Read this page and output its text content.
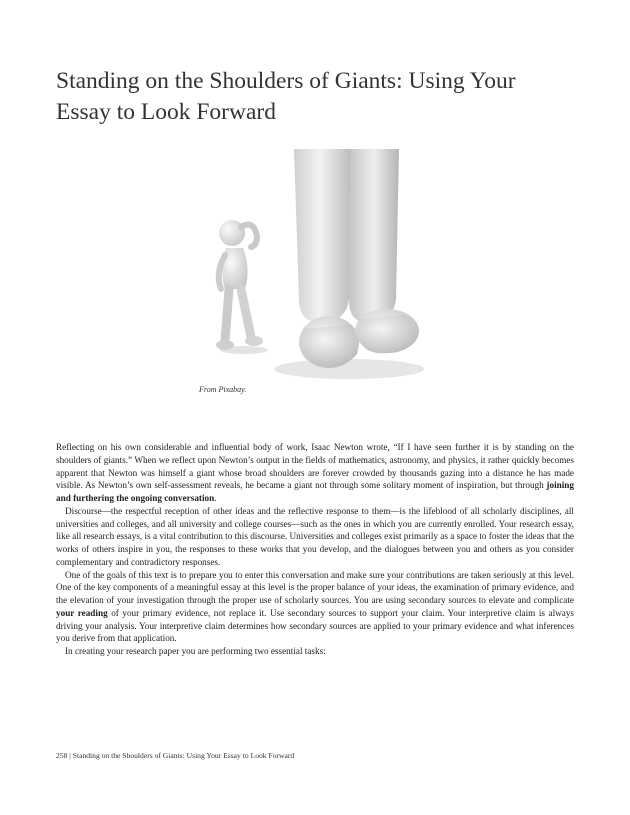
Standing on the Shoulders of Giants: Using Your Essay to Look Forward
From Pixabay.

Reflecting on his own considerable and influential body of work, Isaac Newton wrote, “If I have seen further it is by standing on the shoulders of giants.” When we reflect upon Newton’s output in the fields of mathematics, astronomy, and physics, it rather quickly becomes apparent that Newton was himself a giant whose broad shoulders are forever crowded by thousands gazing into a distance he has made visible. As Newton’s own self-assessment reveals, he became a giant not through some solitary moment of inspiration, but through joining and furthering the ongoing conversation.

Discourse—the respectful reception of other ideas and the reflective response to them—is the lifeblood of all scholarly disciplines, all universities and colleges, and all university and college courses—such as the ones in which you are currently enrolled. Your research essay, like all research essays, is a vital contribution to this discourse. Universities and colleges exist primarily as a space to foster the ideas that the works of others inspire in you, the responses to these works that you develop, and the dialogues between you and others as you consider complementary and contradictory responses.

One of the goals of this text is to prepare you to enter this conversation and make sure your contributions are taken seriously at this level. One of the key components of a meaningful essay at this level is the proper balance of your ideas, the examination of primary evidence, and the elevation of your investigation through the proper use of scholarly sources. You are using secondary sources to elevate and complicate your reading of your primary evidence, not replace it. Use secondary sources to support your claim. Your interpretive claim is always driving your analysis. Your interpretive claim determines how secondary sources are applied to your primary evidence and what inferences you derive from that application.

In creating your research paper you are performing two essential tasks:

258 | Standing on the Shoulders of Giants: Using Your Essay to Look Forward
